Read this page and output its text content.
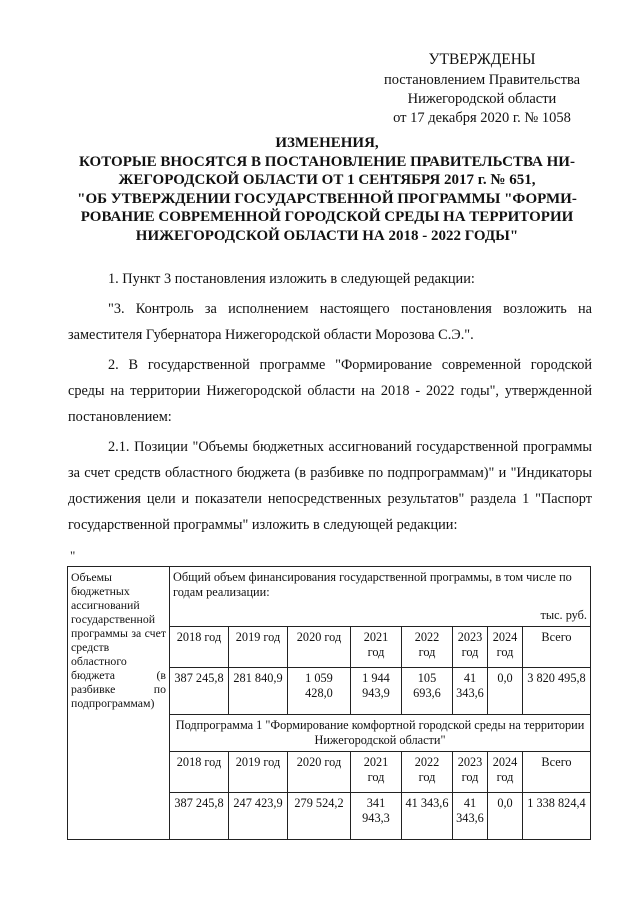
УТВЕРЖДЕНЫ
постановлением Правительства
Нижегородской области
от 17 декабря 2020 г. № 1058
ИЗМЕНЕНИЯ,
КОТОРЫЕ ВНОСЯТСЯ В ПОСТАНОВЛЕНИЕ ПРАВИТЕЛЬСТВА НИ-
ЖЕГОРОДСКОЙ ОБЛАСТИ ОТ 1 СЕНТЯБРЯ 2017 г. № 651,
"ОБ УТВЕРЖДЕНИИ ГОСУДАРСТВЕННОЙ ПРОГРАММЫ "ФОРМИ-
РОВАНИЕ СОВРЕМЕННОЙ ГОРОДСКОЙ СРЕДЫ НА ТЕРРИТОРИИ
НИЖЕГОРОДСКОЙ ОБЛАСТИ НА 2018 - 2022 ГОДЫ"

1. Пункт 3 постановления изложить в следующей редакции:

"3. Контроль за исполнением настоящего постановления возложить на заместителя Губернатора Нижегородской области Морозова С.Э.".

2. В государственной программе "Формирование современной городской среды на территории Нижегородской области на 2018 - 2022 годы", утвержденной постановлением:

2.1. Позиции "Объемы бюджетных ассигнований государственной программы за счет средств областного бюджета (в разбивке по подпрограммам)" и "Индикаторы достижения цели и показатели непосредственных результатов" раздела 1 "Паспорт государственной программы" изложить в следующей редакции:

"
Объемы бюджетных ассигнований государственной программы за счет средств областного бюджета (в разбивке по подпрограммам)	Общий объем финансирования государственной программы, в том числе по годам реализации:
тыс. руб.							

	2018 год	2019 год	2020 год	2021 год	2022 год	2023 год	2024 год	Всего
	387 245,8	281 840,9	1 059 428,0	1 944 943,9	105 693,6	41 343,6	0,0	3 820 495,8
	Подпрограмма 1 "Формирование комфортной городской среды на территории Нижегородской области"							
	2018 год	2019 год	2020 год	2021 год	2022 год	2023 год	2024 год	Всего
	387 245,8	247 423,9	279 524,2	341 943,3	41 343,6	41 343,6	0,0	1 338 824,4
